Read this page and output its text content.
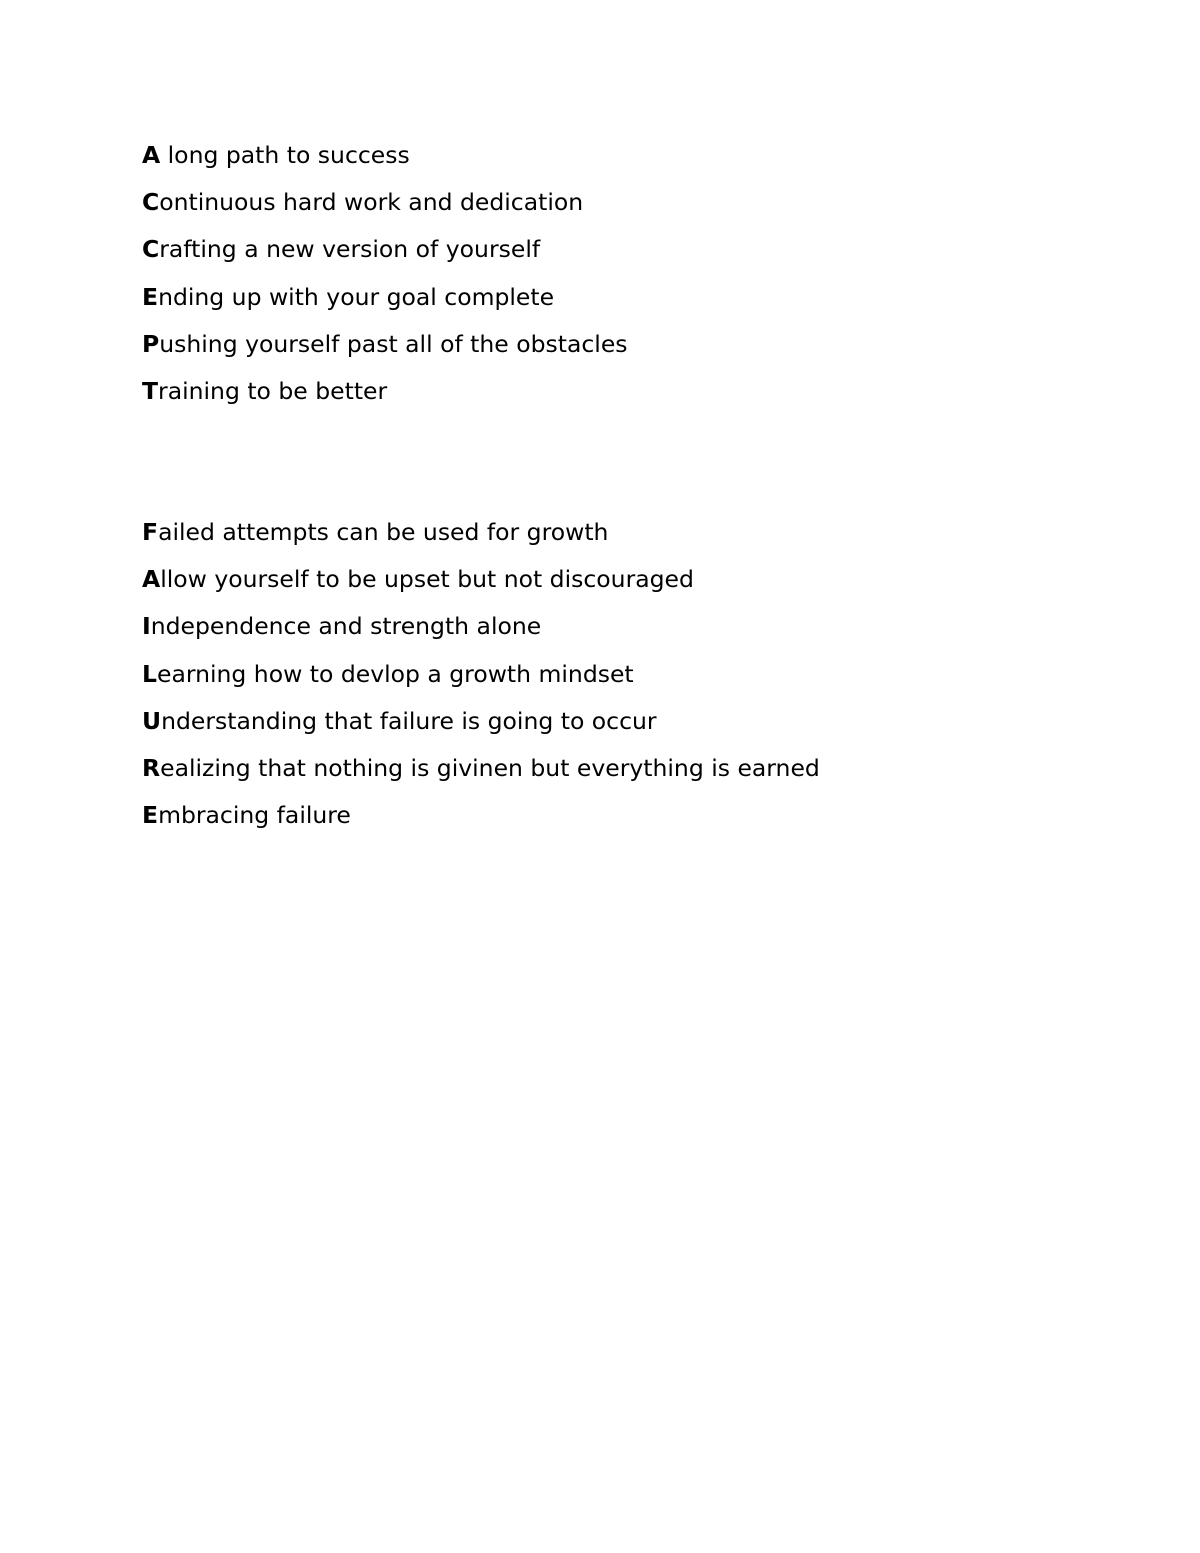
A long path to success
Continuous hard work and dedication
Crafting a new version of yourself
Ending up with your goal complete
Pushing yourself past all of the obstacles
Training to be better
Failed attempts can be used for growth
Allow yourself to be upset but not discouraged
Independence and strength alone
Learning how to devlop a growth mindset
Understanding that failure is going to occur
Realizing that nothing is givinen but everything is earned
Embracing failure
